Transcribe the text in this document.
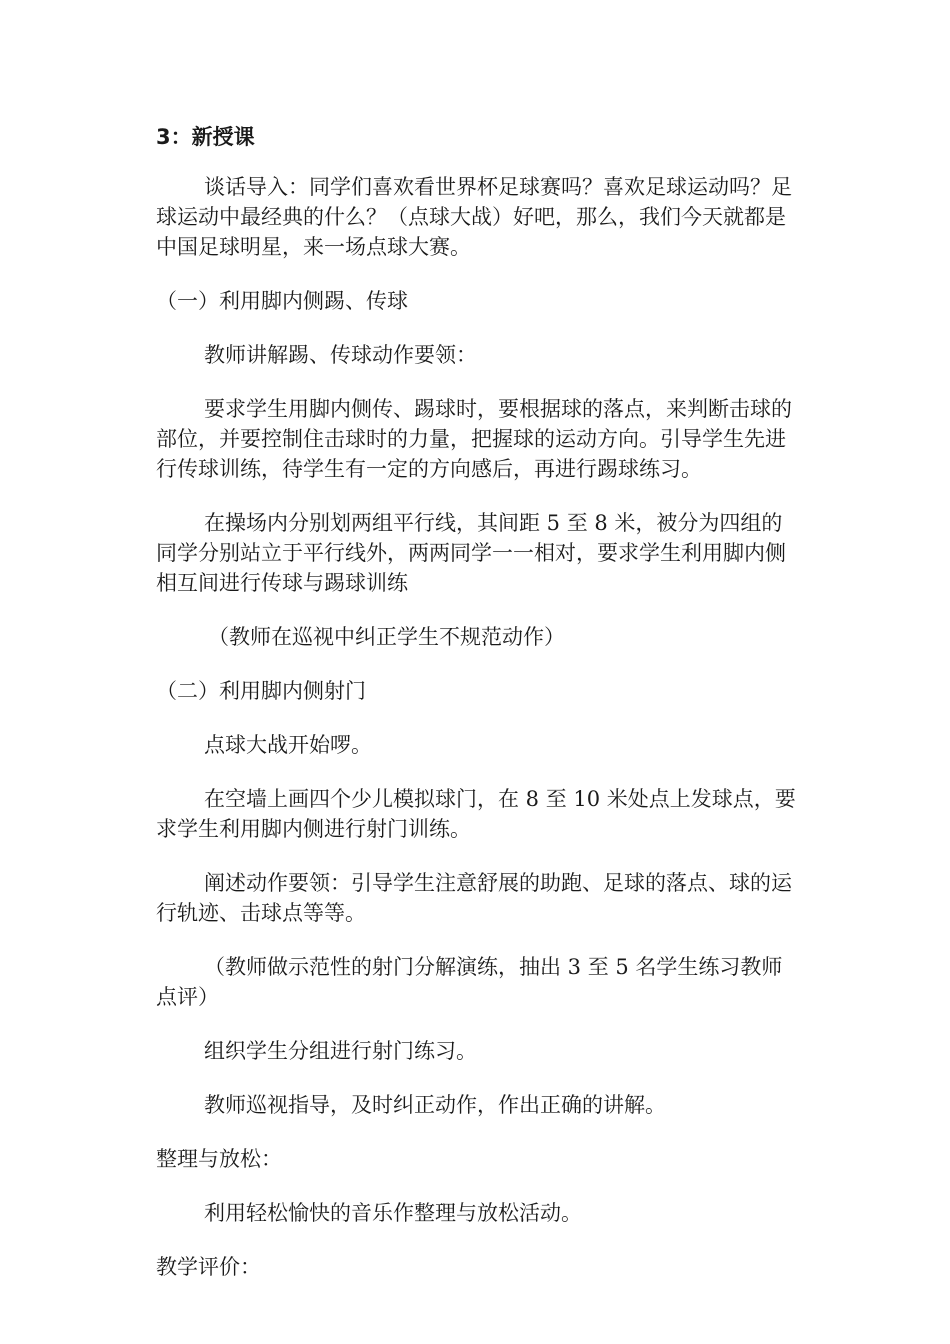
3：新授课

谈话导入：同学们喜欢看世界杯足球赛吗？喜欢足球运动吗？足球运动中最经典的什么？（点球大战）好吧，那么，我们今天就都是中国足球明星，来一场点球大赛。

（一）利用脚内侧踢、传球

教师讲解踢、传球动作要领：

要求学生用脚内侧传、踢球时，要根据球的落点，来判断击球的部位，并要控制住击球时的力量，把握球的运动方向。引导学生先进行传球训练，待学生有一定的方向感后，再进行踢球练习。

在操场内分别划两组平行线，其间距 5 至 8 米，被分为四组的同学分别站立于平行线外，两两同学一一相对，要求学生利用脚内侧相互间进行传球与踢球训练

（教师在巡视中纠正学生不规范动作）

（二）利用脚内侧射门

点球大战开始啰。

在空墙上画四个少儿模拟球门，在 8 至 10 米处点上发球点，要求学生利用脚内侧进行射门训练。

阐述动作要领：引导学生注意舒展的助跑、足球的落点、球的运行轨迹、击球点等等。

（教师做示范性的射门分解演练，抽出 3 至 5 名学生练习教师点评）

组织学生分组进行射门练习。

教师巡视指导，及时纠正动作，作出正确的讲解。

整理与放松：

利用轻松愉快的音乐作整理与放松活动。

教学评价：
